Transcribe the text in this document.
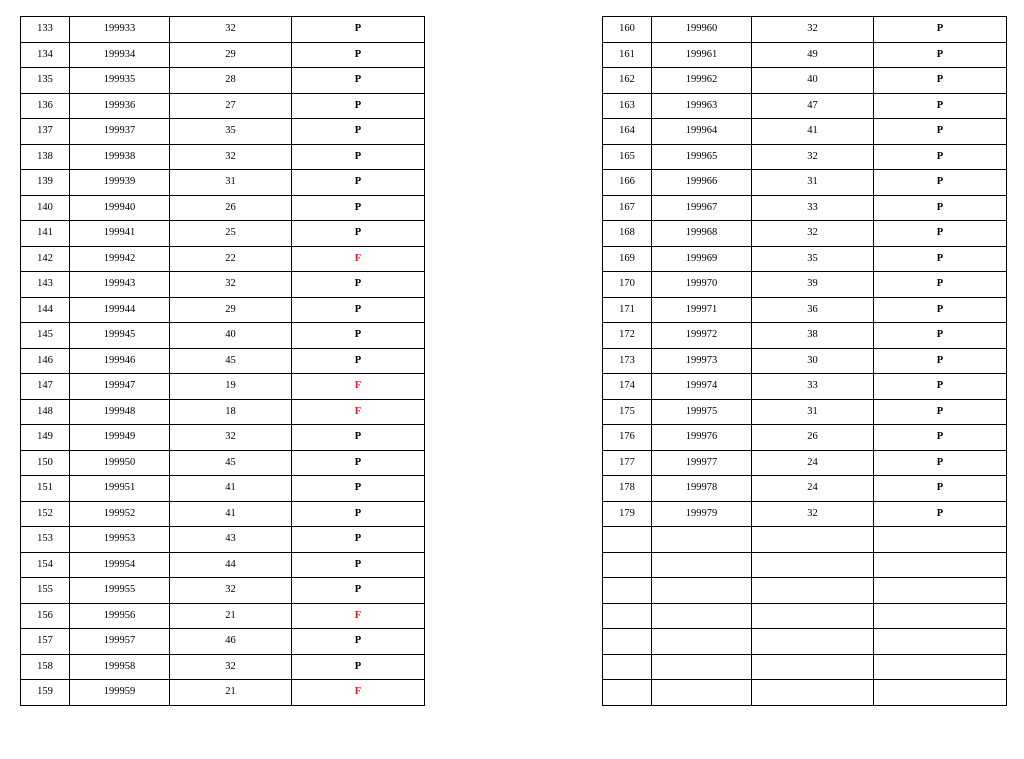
133	199933	32	P
134	199934	29	P
135	199935	28	P
136	199936	27	P
137	199937	35	P
138	199938	32	P
139	199939	31	P
140	199940	26	P
141	199941	25	P
142	199942	22	F
143	199943	32	P
144	199944	29	P
145	199945	40	P
146	199946	45	P
147	199947	19	F
148	199948	18	F
149	199949	32	P
150	199950	45	P
151	199951	41	P
152	199952	41	P
153	199953	43	P
154	199954	44	P
155	199955	32	P
156	199956	21	F
157	199957	46	P
158	199958	32	P
159	199959	21	F
160	199960	32	P
161	199961	49	P
162	199962	40	P
163	199963	47	P
164	199964	41	P
165	199965	32	P
166	199966	31	P
167	199967	33	P
168	199968	32	P
169	199969	35	P
170	199970	39	P
171	199971	36	P
172	199972	38	P
173	199973	30	P
174	199974	33	P
175	199975	31	P
176	199976	26	P
177	199977	24	P
178	199978	24	P
179	199979	32	P
